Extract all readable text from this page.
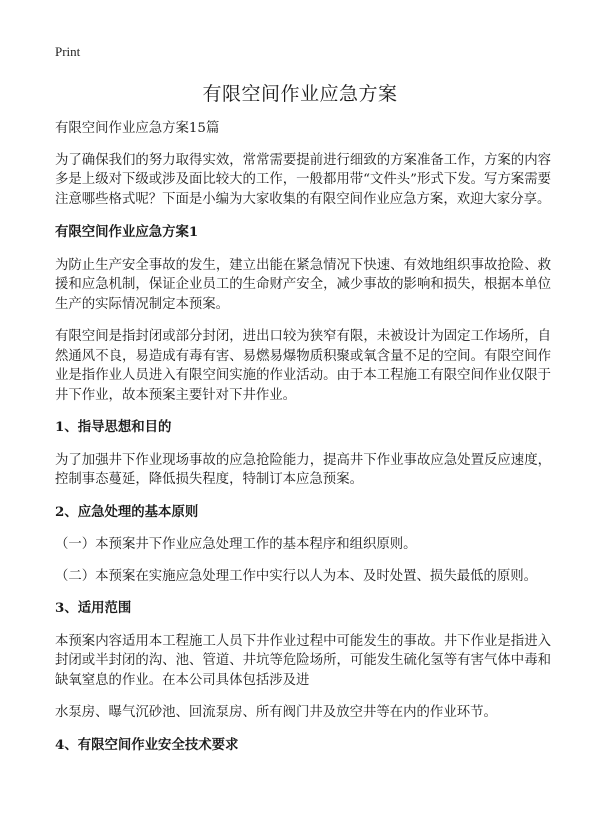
Print
有限空间作业应急方案

有限空间作业应急方案15篇

为了确保我们的努力取得实效，常常需要提前进行细致的方案准备工作，方案的内容多是上级对下级或涉及面比较大的工作，一般都用带“文件头”形式下发。写方案需要注意哪些格式呢？下面是小编为大家收集的有限空间作业应急方案，欢迎大家分享。

有限空间作业应急方案1

为防止生产安全事故的发生，建立出能在紧急情况下快速、有效地组织事故抢险、救援和应急机制，保证企业员工的生命财产安全，减少事故的影响和损失，根据本单位生产的实际情况制定本预案。

有限空间是指封闭或部分封闭，进出口较为狭窄有限，未被设计为固定工作场所，自然通风不良，易造成有毒有害、易燃易爆物质积聚或氧含量不足的空间。有限空间作业是指作业人员进入有限空间实施的作业活动。由于本工程施工有限空间作业仅限于井下作业，故本预案主要针对下井作业。

1、指导思想和目的

为了加强井下作业现场事故的应急抢险能力，提高井下作业事故应急处置反应速度，控制事态蔓延，降低损失程度，特制订本应急预案。

2、应急处理的基本原则

（一）本预案井下作业应急处理工作的基本程序和组织原则。

（二）本预案在实施应急处理工作中实行以人为本、及时处置、损失最低的原则。

3、适用范围

本预案内容适用本工程施工人员下井作业过程中可能发生的事故。井下作业是指进入封闭或半封闭的沟、池、管道、井坑等危险场所，可能发生硫化氢等有害气体中毒和缺氧窒息的作业。在本公司具体包括涉及进

水泵房、曝气沉砂池、回流泵房、所有阀门井及放空井等在内的作业环节。

4、有限空间作业安全技术要求
